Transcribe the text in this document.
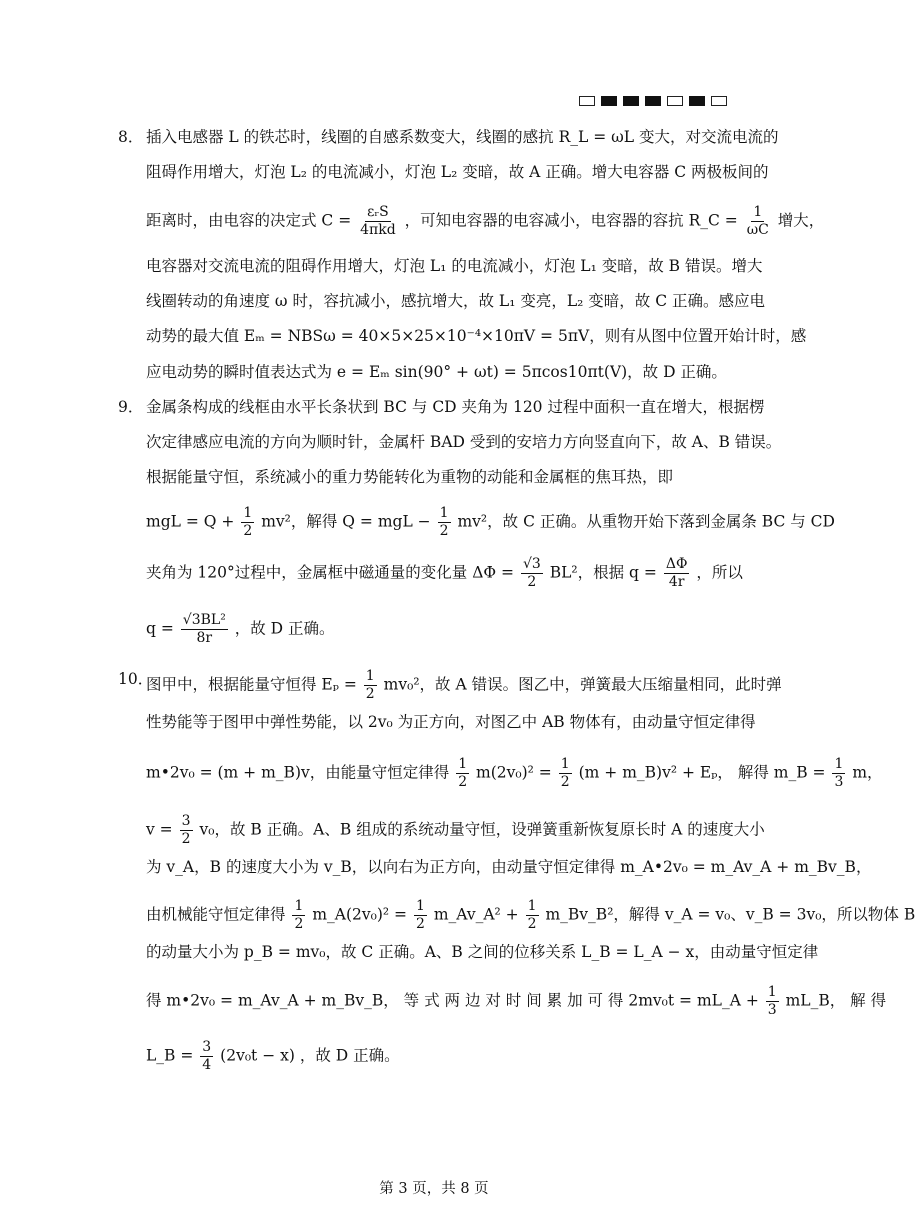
8． 插入电感器 L 的铁芯时，线圈的自感系数变大，线圈的感抗 R_L = ωL 变大，对交流电流的
阻碍作用增大，灯泡 L₂ 的电流减小，灯泡 L₂ 变暗，故 A 正确。增大电容器 C 两极板间的
距离时，由电容的决定式 $C = \frac{\text{εᵣS}}{\text{4πkd}}$ ，可知电容器的电容减小，电容器的容抗 R_C = $\frac{1}{\omega C}$ 增大，
电容器对交流电流的阻碍作用增大，灯泡 L₁ 的电流减小，灯泡 L₁ 变暗，故 B 错误。增大
线圈转动的角速度 ω 时，容抗减小，感抗增大，故 L₁ 变亮，L₂ 变暗，故 C 正确。感应电
动势的最大值 Eₘ = NBSω = 40×5×25×10⁻⁴×10πV = 5πV，则有从图中位置开始计时，感
应电动势的瞬时值表达式为 e = Eₘ sin(90° + ωt) = 5πcos10πt(V)，故 D 正确。
9． 金属条构成的线框由水平长条状到 BC 与 CD 夹角为 120 过程中面积一直在增大，根据楞
次定律感应电流的方向为顺时针，金属杆 BAD 受到的安培力方向竖直向下，故 A、B 错误。
根据能量守恒，系统减小的重力势能转化为重物的动能和金属框的焦耳热，即
mgL = $Q + \frac{1}{2} mv^2$，解得 Q = mgL − $\frac{1}{2} mv^2$，故 C 正确。从重物开始下落到金属条 BC 与 CD
夹角为 120°过程中，金属框中磁通量的变化量 $\Delta\Phi = \frac{√3}{2} BL^2$，根据 $q = \frac{\Delta\Phi}{4r}$ ，所以
$q = \frac{\text{√3BL²}}{8r}$ ，故 D 正确。
10．
图甲中，根据能量守恒得 $E_p = \frac{1}{2} mv_0^2$，故 A 错误。图乙中，弹簧最大压缩量相同，此时弹
性势能等于图甲中弹性势能，以 2v₀ 为正方向，对图乙中 AB 物体有，由动量守恒定律得
m•2v₀ = (m + m_B)v，由能量守恒定律得 $\frac{1}{2} m(2v_0)^2 = \frac{1}{2} (m$ + m_B)v² + Eₚ， 解得 m_B = $\frac{1}{3}$ m，
$v = \frac{3}{2} v_0$，故 B 正确。A、B 组成的系统动量守恒，设弹簧重新恢复原长时 A 的速度大小
为 v_A，B 的速度大小为 v_B，以向右为正方向，由动量守恒定律得 m_A•2v₀ = m_Av_A + m_Bv_B，
由机械能守恒定律得 $\frac{1}{2}$ m_A(2v₀)² = $\frac{1}{2}$ m_Av_A² + $\frac{1}{2}$ m_Bv_B²，解得 v_A = v₀、v_B = 3v₀，所以物体 B
的动量大小为 p_B = mv₀，故 C 正确。A、B 之间的位移关系 L_B = L_A − x，由动量守恒定律
得 m•2v₀ = m_Av_A + m_Bv_B， 等 式 两 边 对 时 间 累 加 可 得 2mv₀t = mL_A + $\frac{1}{3}$ mL_B， 解 得
L_B = $\frac{3}{4} (2v_0t - x)$ ，故 D 正确。
第 3 页，共 8 页
